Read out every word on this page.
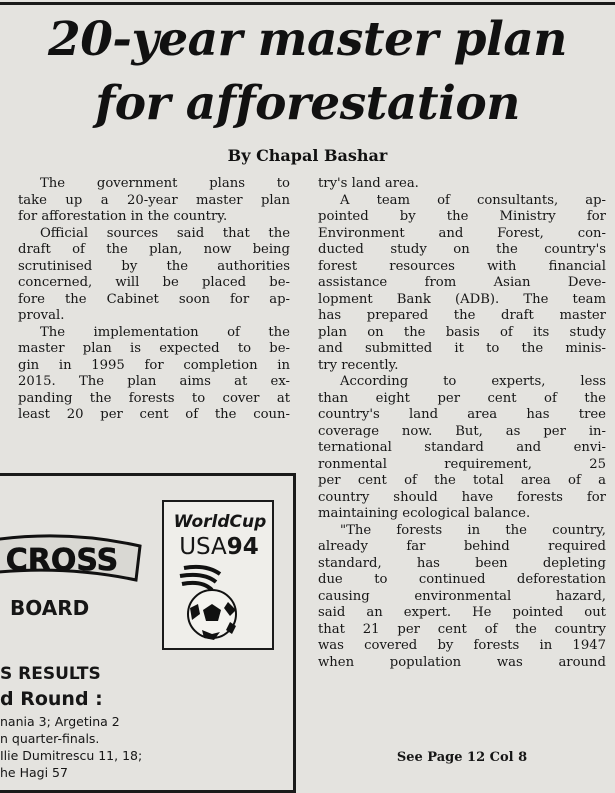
20-year master plan
for afforestation
By Chapal Bashar
The government plans to
take up a 20-year master plan
for afforestation in the country.
Official sources said that the
draft of the plan, now being
scrutinised by the authorities
concerned, will be placed be-
fore the Cabinet soon for ap-
proval.
The implementation of the
master plan is expected to be-
gin in 1995 for completion in
2015. The plan aims at ex-
panding the forests to cover at
least 20 per cent of the coun-
try's land area.
A team of consultants, ap-
pointed by the Ministry for
Environment and Forest, con-
ducted study on the country's
forest resources with financial
assistance from Asian Deve-
lopment Bank (ADB). The team
has prepared the draft master
plan on the basis of its study
and submitted it to the minis-
try recently.
According to experts, less
than eight per cent of the
country's land area has tree
coverage now. But, as per in-
ternational standard and envi-
ronmental requirement, 25
per cent of the total area of a
country should have forests for
maintaining ecological balance.
"The forests in the country,
already far behind required
standard, has been depleting
due to continued deforestation
causing environmental hazard,
said an expert. He pointed out
that 21 per cent of the country
was covered by forests in 1947
when population was around
See Page 12 Col 8
CROSS
BOARD
WorldCup
USA94
S RESULTS
d Round :
nania 3; Argetina 2
n quarter-finals.
Ilie Dumitrescu 11, 18;
he Hagi 57
